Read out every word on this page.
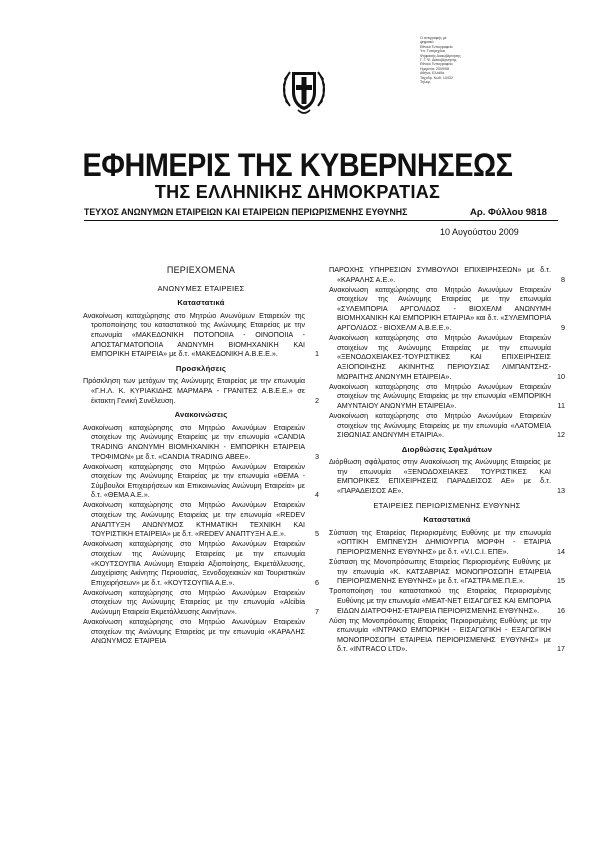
Ο αντιγραφής με
ψηφιακό
Εθνικό Τυπογραφείο
Υπ. Τυπ/ρτχ/και
Ψηφιακής Διακυβέρνησης
Γ. Γ. Ψ. Διακυβέρνησης
Εθνικό Τυπογραφείο
Ημερ/νία: 2009/08
Αθήνα, Ελλάδα
Ταχυδρ. Κώδ: 10432
Τηλεφ.
ΕΦΗΜΕΡΙΣ ΤΗΣ ΚΥΒΕΡΝΗΣΕΩΣ
ΤΗΣ ΕΛΛΗΝΙΚΗΣ ΔΗΜΟΚΡΑΤΙΑΣ
ΤΕΥΧΟΣ ΑΝΩΝΥΜΩΝ ΕΤΑΙΡΕΙΩΝ ΚΑΙ ΕΤΑΙΡΕΙΩΝ ΠΕΡΙΩΡΙΣΜΕΝΗΣ ΕΥΘΥΝΗΣ	Αρ. Φύλλου 9818
10 Αυγούστου 2009
ΠΕΡΙΕΧΟΜΕΝΑ
ΑΝΩΝΥΜΕΣ ΕΤΑΙΡΕΙΕΣ
Καταστατικά
Ανακοίνωση καταχώρησης στο Μητρώο Ανωνύμων Εταιρειών της τροποποίησης του καταστατικού της Ανώνυμης Εταιρείας με την επωνυμία «ΜΑΚΕΔΟΝΙΚΗ ΠΟΤΟΠΟΙΙΑ - ΟΙΝΟΠΟΙΙΑ - ΑΠΟΣΤΑΓΜΑΤΟΠΟΙΙΑ ΑΝΩΝΥΜΗ ΒΙΟΜΗΧΑΝΙΚΗ ΚΑΙ ΕΜΠΟΡΙΚΗ ΕΤΑΙΡΕΙΑ» με δ.τ. «ΜΑΚΕΔΟΝΙΚΗ Α.Β.Ε.Ε.».	1
Προσκλήσεις
Πρόσκληση των μετόχων της Ανώνυμης Εταιρείας με την επωνυμία «Γ.Η.Λ. Κ. ΚΥΡΙΑΚΙΔΗΣ ΜΑΡΜΑΡΑ - ΓΡΑΝΙΤΕΣ Α.Β.Ε.Ε.» σε έκτακτη Γενική Συνέλευση.	2
Ανακοινώσεις
Ανακοίνωση καταχώρησης στο Μητρώο Ανωνύμων Εταιρειών στοιχείων της Ανώνυμης Εταιρείας με την επωνυμία «CANDIA TRADING ΑΝΩΝΥΜΗ ΒΙΟΜΗΧΑΝΙΚΗ - ΕΜΠΟΡΙΚΗ ΕΤΑΙΡΕΙΑ ΤΡΟΦΙΜΩΝ» με δ.τ. «CANDIA TRADING ΑΒΕΕ».	3
Ανακοίνωση καταχώρησης στο Μητρώο Ανωνύμων Εταιρειών στοιχείων της Ανώνυμης Εταιρείας με την επωνυμία «ΘΕΜΑ - Σύμβουλοι Επιχειρήσεων και Επικοινωνίας Ανώνυμη Εταιρεία» με δ.τ. «ΘΕΜΑ Α.Ε.».	4
Ανακοίνωση καταχώρησης στο Μητρώο Ανωνύμων Εταιρειών στοιχείων της Ανώνυμης Εταιρείας με την επωνυμία «REDEV ΑΝΑΠΤΥΞΗ ΑΝΩΝΥΜΟΣ ΚΤΗΜΑΤΙΚΗ ΤΕΧΝΙΚΗ ΚΑΙ ΤΟΥΡΙΣΤΙΚΗ ΕΤΑΙΡΕΙΑ» με δ.τ. «REDEV ΑΝΑΠΤΥΞΗ Α.Ε.».	5
Ανακοίνωση καταχώρησης στο Μητρώο Ανωνύμων Εταιρειών στοιχείων της Ανώνυμης Εταιρείας με την επωνυμία «ΚΟΥΤΣΟΥΠΙΑ Ανώνυμη Εταιρεία Αξιοποίησης, Εκμετάλλευσης, Διαχείρισης Ακίνητης Περιουσίας, Ξενοδοχειακών και Τουριστικών Επιχειρήσεων» με δ.τ. «ΚΟΥΤΣΟΥΠΙΑ Α.Ε.».	6
Ανακοίνωση καταχώρησης στο Μητρώο Ανωνύμων Εταιρειών στοιχείων της Ανώνυμης Εταιρείας με την επωνυμία «Alcibia Ανώνυμη Εταιρεία Εκμετάλλευσης Ακινήτων».	7
Ανακοίνωση καταχώρησης στο Μητρώο Ανωνύμων Εταιρειών στοιχείων της Ανώνυμης Εταιρείας με την επωνυμία «ΚΑΡΑΛΗΣ ΑΝΩΝΥΜΟΣ ΕΤΑΙΡΕΙΑ
ΠΑΡΟΧΗΣ ΥΠΗΡΕΣΙΩΝ ΣΥΜΒΟΥΛΟΙ ΕΠΙΧΕΙΡΗΣΕΩΝ» με δ.τ. «ΚΑΡΑΛΗΣ Α.Ε.».	8
Ανακοίνωση καταχώρησης στο Μητρώο Ανωνύμων Εταιρειών στοιχείων της Ανώνυμης Εταιρείας με την επωνυμία «ΣΥΛΕΜΠΟΡΙΑ ΑΡΓΟΛΙΔΟΣ - ΒΙΟΧΕΛΜ ΑΝΩΝΥΜΗ ΒΙΟΜΗΧΑΝΙΚΗ ΚΑΙ ΕΜΠΟΡΙΚΗ ΕΤΑΙΡΙΑ» και δ.τ. «ΣΥΛΕΜΠΟΡΙΑ ΑΡΓΟΛΙΔΟΣ - ΒΙΟΧΕΛΜ Α.Β.Ε.Ε.».	9
Ανακοίνωση καταχώρησης στο Μητρώο Ανωνύμων Εταιρειών στοιχείων της Ανώνυμης Εταιρείας με την επωνυμία «ΞΕΝΟΔΟΧΕΙΑΚΕΣ-ΤΟΥΡΙΣΤΙΚΕΣ ΚΑΙ ΕΠΙΧΕΙΡΗΣΕΙΣ ΑΞΙΟΠΟΙΗΣΗΣ ΑΚΙΝΗΤΗΣ ΠΕΡΙΟΥΣΙΑΣ ΛΙΜΠΑΝΤΣΗΣ-ΜΩΡΑΙΤΗΣ ΑΝΩΝΥΜΗ ΕΤΑΙΡΕΙΑ».	10
Ανακοίνωση καταχώρησης στο Μητρώο Ανωνύμων Εταιρειών στοιχείων της Ανώνυμης Εταιρείας με την επωνυμία «ΕΜΠΟΡΙΚΗ ΑΜΥΝΤΑΙΟΥ ΑΝΩΝΥΜΗ ΕΤΑΙΡΕΙΑ».	11
Ανακοίνωση καταχώρησης στο Μητρώο Ανωνύμων Εταιρειών στοιχείων της Ανώνυμης Εταιρείας με την επωνυμία «ΛΑΤΟΜΕΙΑ ΣΙΘΩΝΙΑΣ ΑΝΩΝΥΜΗ ΕΤΑΙΡΙΑ».	12
Διορθώσεις Σφαλμάτων
Διόρθωση σφάλματος στην Ανακοίνωση της Ανώνυμης Εταιρείας με την επωνυμία «ΞΕΝΟΔΟΧΕΙΑΚΕΣ ΤΟΥΡΙΣΤΙΚΕΣ ΚΑΙ ΕΜΠΟΡΙΚΕΣ ΕΠΙΧΕΙΡΗΣΕΙΣ ΠΑΡΑΔΕΙΣΟΣ ΑΕ» με δ.τ. «ΠΑΡΑΔΕΙΣΟΣ ΑΕ».	13
ΕΤΑΙΡΕΙΕΣ ΠΕΡΙΩΡΙΣΜΕΝΗΣ ΕΥΘΥΝΗΣ
Καταστατικά
Σύσταση της Εταιρείας Περιορισμένης Ευθύνης με την επωνυμία «ΟΠΤΙΚΗ ΕΜΠΝΕΥΣΗ ΔΗΜΙΟΥΡΓΙΑ ΜΟΡΦΗ - ΕΤΑΙΡΙΑ ΠΕΡΙΟΡΙΣΜΕΝΗΣ ΕΥΘΥΝΗΣ» με δ.τ. «V.I.C.I. ΕΠΕ».	14
Σύσταση της Μονοπρόσωπης Εταιρείας Περιορισμένης Ευθύνης με την επωνυμία «Κ. ΚΑΤΣΑΒΡΙΑΣ ΜΟΝΟΠΡΟΣΩΠΗ ΕΤΑΙΡΕΙΑ ΠΕΡΙΟΡΙΣΜΕΝΗΣ ΕΥΘΥΝΗΣ» με δ.τ. «ΓΑΣΤΡΑ ΜΕ.Π.Ε.».	15
Τροποποίηση του καταστατικού της Εταιρείας Περιορισμένης Ευθύνης με την επωνυμία «MEAT-NET ΕΙΣΑΓΩΓΕΣ ΚΑΙ ΕΜΠΟΡΙΑ ΕΙΔΩΝ ΔΙΑΤΡΟΦΗΣ-ΕΤΑΙΡΕΙΑ ΠΕΡΙΟΡΙΣΜΕΝΗΣ ΕΥΘΥΝΗΣ». 16
Λύση της Μονοπρόσωπης Εταιρείας Περιορισμένης Ευθύνης με την επωνυμία «ΙΝΤΡΑΚΟ ΕΜΠΟΡΙΚΗ - ΕΙΣΑΓΩΓΙΚΗ - ΕΞΑΓΩΓΙΚΗ ΜΟΝΟΠΡΟΣΩΠΗ ΕΤΑΙΡΕΙΑ ΠΕΡΙΟΡΙΣΜΕΝΗΣ ΕΥΘΥΝΗΣ» με δ.τ. «INTRACO LTD».	17
